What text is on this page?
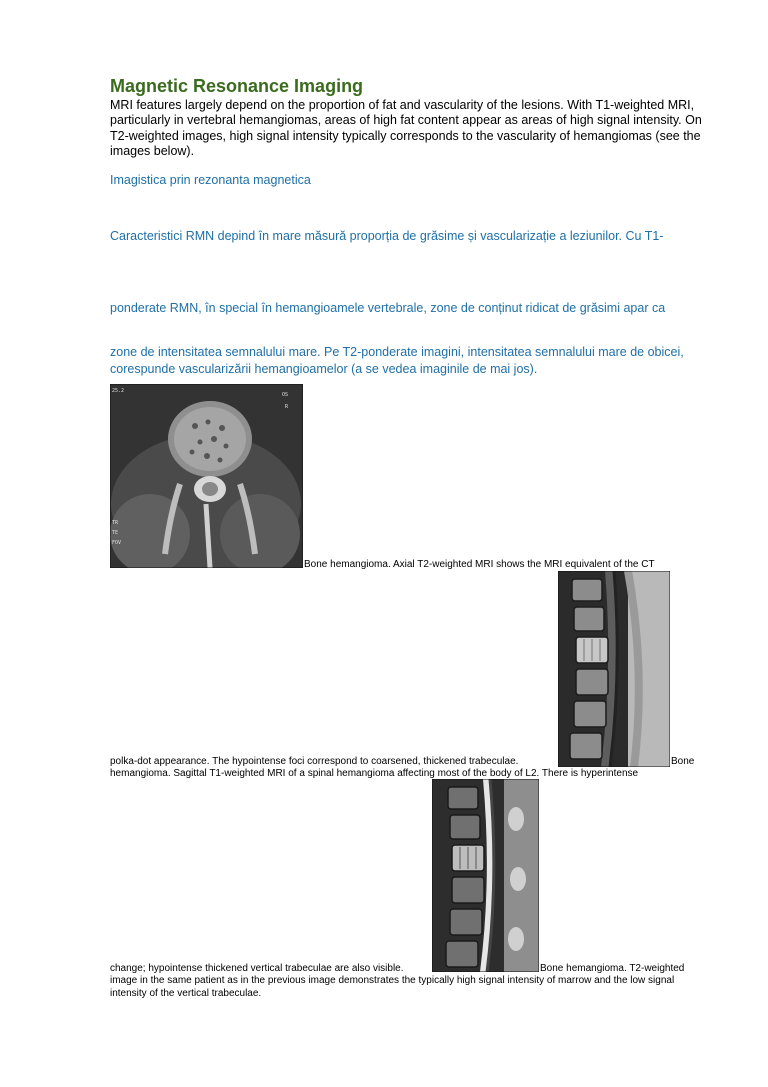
Magnetic Resonance Imaging
MRI features largely depend on the proportion of fat and vascularity of the lesions. With T1-weighted MRI, particularly in vertebral hemangiomas, areas of high fat content appear as areas of high signal intensity. On T2-weighted images, high signal intensity typically corresponds to the vascularity of hemangiomas (see the images below).
Imagistica prin rezonanta magnetica
Caracteristici RMN depind în mare măsură proporția de grăsime și vascularizație a leziunilor. Cu T1-
ponderate RMN, în special în hemangioamele vertebrale, zone de conținut ridicat de grăsimi apar ca
zone de intensitatea semnalului mare. Pe T2-ponderate imagini, intensitatea semnalului mare de obicei, corespunde vascularizării hemangioamelor (a se vedea imaginile de mai jos).
25.2
OS
R
TR
TE
FOV
Bone hemangioma. Axial T2-weighted MRI shows the MRI equivalent of the CT
polka-dot appearance. The hypointense foci correspond to coarsened, thickened trabeculae.	Bone
hemangioma. Sagittal T1-weighted MRI of a spinal hemangioma affecting most of the body of L2. There is hyperintense
change; hypointense thickened vertical trabeculae are also visible.	Bone hemangioma. T2-weighted
image in the same patient as in the previous image demonstrates the typically high signal intensity of marrow and the low signal intensity of the vertical trabeculae.
